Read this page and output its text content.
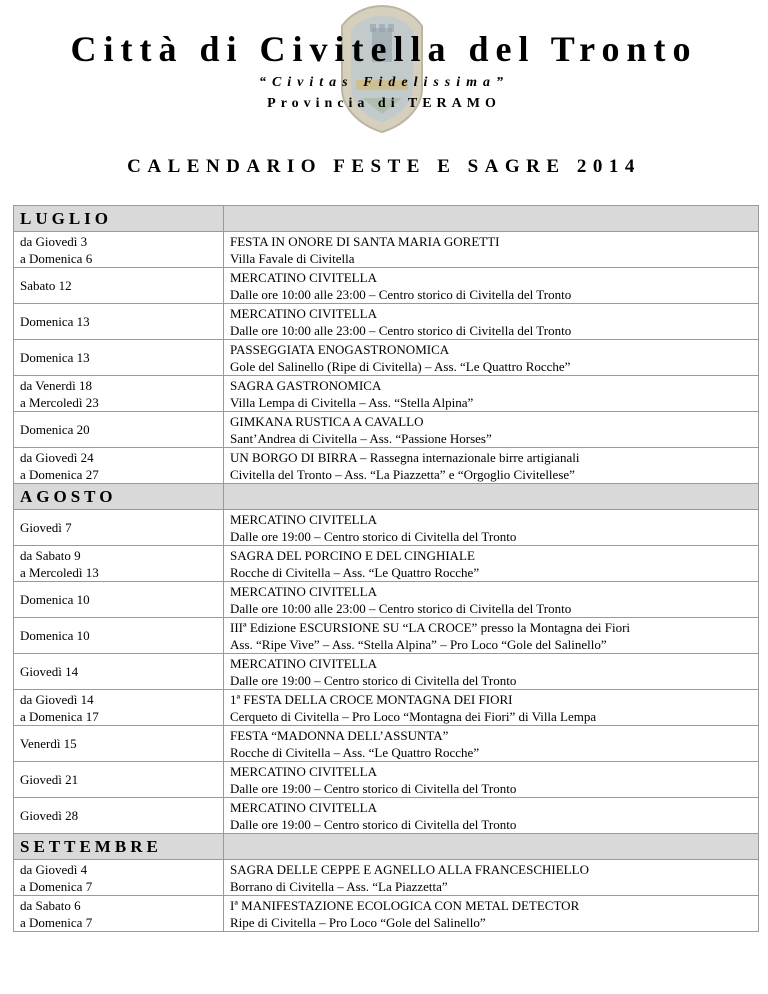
Città di Civitella del Tronto
“Civitas Fidelissima”
Provincia di TERAMO
CALENDARIO FESTE E SAGRE 2014
LUGLIO	

da Giovedì 3
a Domenica 6	FESTA IN ONORE DI SANTA MARIA GORETTI
Villa Favale di Civitella

Sabato 12	MERCATINO CIVITELLA
Dalle ore 10:00 alle 23:00 – Centro storico di Civitella del Tronto

Domenica 13	MERCATINO CIVITELLA
Dalle ore 10:00 alle 23:00 – Centro storico di Civitella del Tronto

Domenica 13	PASSEGGIATA ENOGASTRONOMICA
Gole del Salinello (Ripe di Civitella) – Ass. “Le Quattro Rocche”

da Venerdì 18
a Mercoledì 23	SAGRA GASTRONOMICA
Villa Lempa di Civitella – Ass. “Stella Alpina”

Domenica 20	GIMKANA RUSTICA A CAVALLO
Sant’Andrea di Civitella – Ass. “Passione Horses”

da Giovedì 24
a Domenica 27	UN BORGO DI BIRRA – Rassegna internazionale birre artigianali
Civitella del Tronto – Ass. “La Piazzetta” e “Orgoglio Civitellese”

AGOSTO	

Giovedì 7	MERCATINO CIVITELLA
Dalle ore 19:00 – Centro storico di Civitella del Tronto

da Sabato 9
a Mercoledì 13	SAGRA DEL PORCINO E DEL CINGHIALE
Rocche di Civitella – Ass. “Le Quattro Rocche”

Domenica 10	MERCATINO CIVITELLA
Dalle ore 10:00 alle 23:00 – Centro storico di Civitella del Tronto

Domenica 10	IIIª Edizione ESCURSIONE SU “LA CROCE” presso la Montagna dei Fiori
Ass. “Ripe Vive” – Ass. “Stella Alpina” – Pro Loco “Gole del Salinello”

Giovedì 14	MERCATINO CIVITELLA
Dalle ore 19:00 – Centro storico di Civitella del Tronto

da Giovedì 14
a Domenica 17	1ª FESTA DELLA CROCE MONTAGNA DEI FIORI
Cerqueto di Civitella – Pro Loco “Montagna dei Fiori” di Villa Lempa

Venerdì 15	FESTA “MADONNA DELL’ASSUNTA”
Rocche di Civitella – Ass. “Le Quattro Rocche”

Giovedì 21	MERCATINO CIVITELLA
Dalle ore 19:00 – Centro storico di Civitella del Tronto

Giovedì 28	MERCATINO CIVITELLA
Dalle ore 19:00 – Centro storico di Civitella del Tronto

SETTEMBRE	

da Giovedì 4
a Domenica 7	SAGRA DELLE CEPPE E AGNELLO ALLA FRANCESCHIELLO
Borrano di Civitella – Ass. “La Piazzetta”

da Sabato 6
a Domenica 7	Iª MANIFESTAZIONE ECOLOGICA CON METAL DETECTOR
Ripe di Civitella – Pro Loco “Gole del Salinello”
